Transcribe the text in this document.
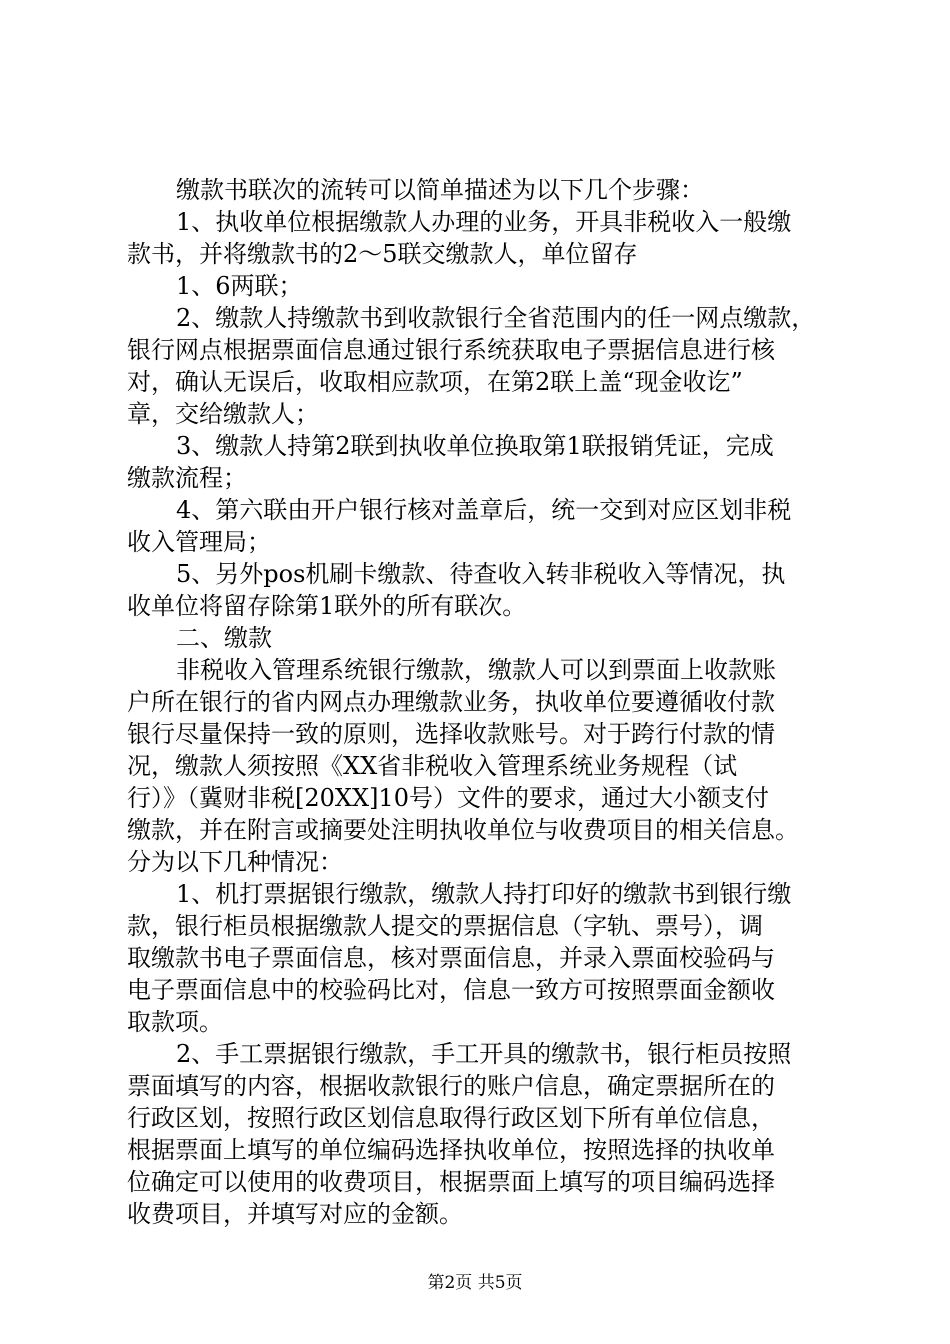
缴款书联次的流转可以简单描述为以下几个步骤：
1、执收单位根据缴款人办理的业务，开具非税收入一般缴
款书，并将缴款书的2～5联交缴款人，单位留存
1、6两联；
2、缴款人持缴款书到收款银行全省范围内的任一网点缴款，
银行网点根据票面信息通过银行系统获取电子票据信息进行核
对，确认无误后，收取相应款项，在第2联上盖“现金收讫”
章，交给缴款人；
3、缴款人持第2联到执收单位换取第1联报销凭证，完成
缴款流程；
4、第六联由开户银行核对盖章后，统一交到对应区划非税
收入管理局；
5、另外pos机刷卡缴款、待查收入转非税收入等情况，执
收单位将留存除第1联外的所有联次。
二、缴款
非税收入管理系统银行缴款，缴款人可以到票面上收款账
户所在银行的省内网点办理缴款业务，执收单位要遵循收付款
银行尽量保持一致的原则，选择收款账号。对于跨行付款的情
况，缴款人须按照《XX省非税收入管理系统业务规程（试
行）》（冀财非税[20XX]10号）文件的要求，通过大小额支付
缴款，并在附言或摘要处注明执收单位与收费项目的相关信息。
分为以下几种情况：
1、机打票据银行缴款，缴款人持打印好的缴款书到银行缴
款，银行柜员根据缴款人提交的票据信息（字轨、票号），调
取缴款书电子票面信息，核对票面信息，并录入票面校验码与
电子票面信息中的校验码比对，信息一致方可按照票面金额收
取款项。
2、手工票据银行缴款，手工开具的缴款书，银行柜员按照
票面填写的内容，根据收款银行的账户信息，确定票据所在的
行政区划，按照行政区划信息取得行政区划下所有单位信息，
根据票面上填写的单位编码选择执收单位，按照选择的执收单
位确定可以使用的收费项目，根据票面上填写的项目编码选择
收费项目，并填写对应的金额。
第2页 共5页
